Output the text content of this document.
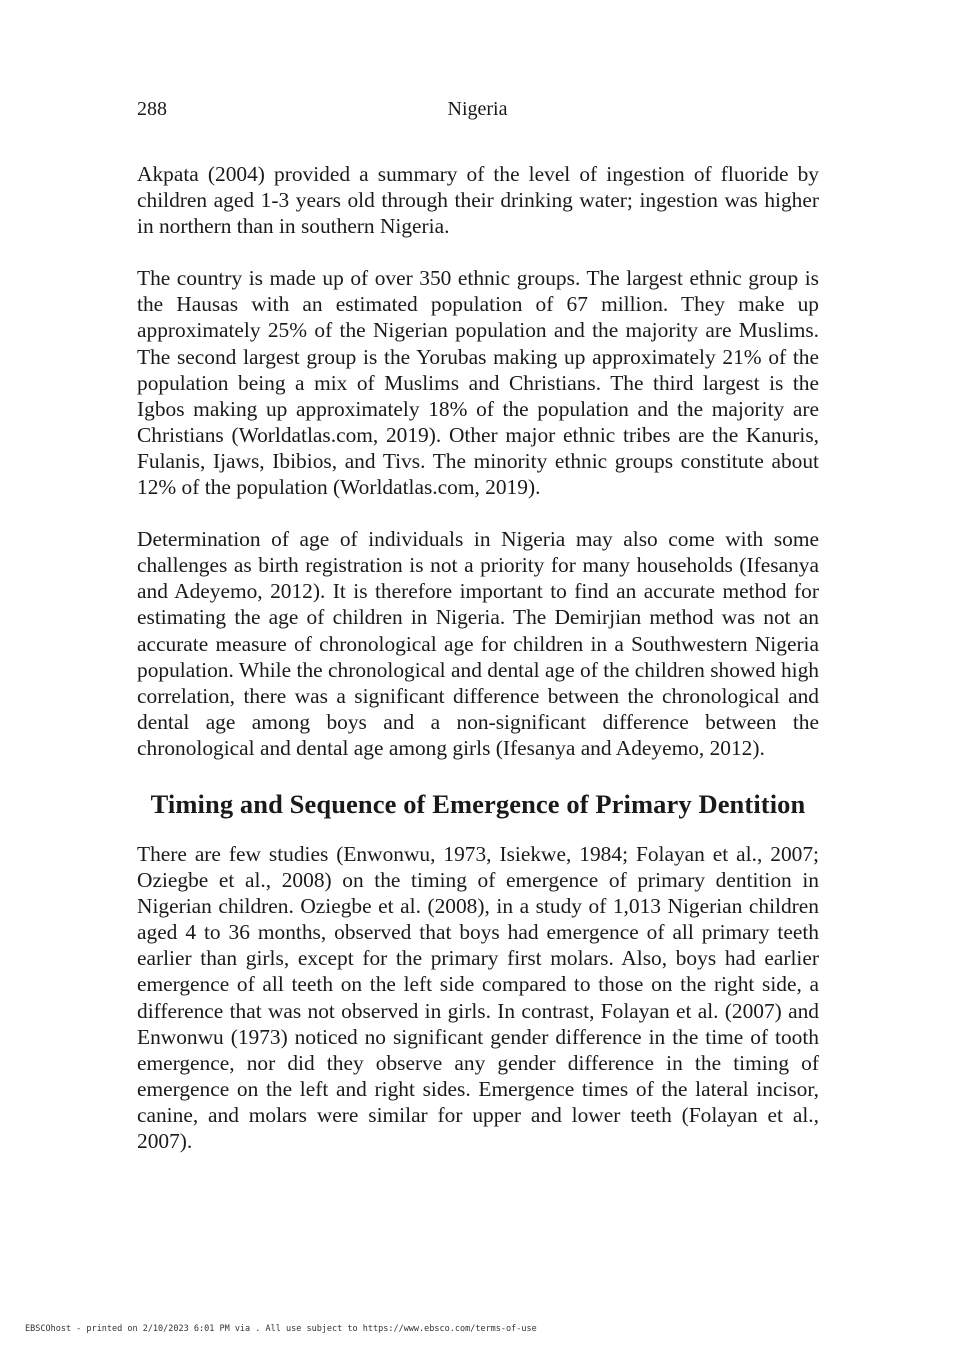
288	Nigeria

Akpata (2004) provided a summary of the level of ingestion of fluoride by children aged 1-3 years old through their drinking water; ingestion was higher in northern than in southern Nigeria.

The country is made up of over 350 ethnic groups. The largest ethnic group is the Hausas with an estimated population of 67 million. They make up approximately 25% of the Nigerian population and the majority are Muslims. The second largest group is the Yorubas making up approximately 21% of the population being a mix of Muslims and Christians. The third largest is the Igbos making up approximately 18% of the population and the majority are Christians (Worldatlas.com, 2019). Other major ethnic tribes are the Kanuris, Fulanis, Ijaws, Ibibios, and Tivs. The minority ethnic groups constitute about 12% of the population (Worldatlas.com, 2019).

Determination of age of individuals in Nigeria may also come with some challenges as birth registration is not a priority for many households (Ifesanya and Adeyemo, 2012). It is therefore important to find an accurate method for estimating the age of children in Nigeria. The Demirjian method was not an accurate measure of chronological age for children in a Southwestern Nigeria population. While the chronological and dental age of the children showed high correlation, there was a significant difference between the chronological and dental age among boys and a non-significant difference between the chronological and dental age among girls (Ifesanya and Adeyemo, 2012).

Timing and Sequence of Emergence of Primary Dentition

There are few studies (Enwonwu, 1973, Isiekwe, 1984; Folayan et al., 2007; Oziegbe et al., 2008) on the timing of emergence of primary dentition in Nigerian children. Oziegbe et al. (2008), in a study of 1,013 Nigerian children aged 4 to 36 months, observed that boys had emergence of all primary teeth earlier than girls, except for the primary first molars. Also, boys had earlier emergence of all teeth on the left side compared to those on the right side, a difference that was not observed in girls. In contrast, Folayan et al. (2007) and Enwonwu (1973) noticed no significant gender difference in the time of tooth emergence, nor did they observe any gender difference in the timing of emergence on the left and right sides. Emergence times of the lateral incisor, canine, and molars were similar for upper and lower teeth (Folayan et al., 2007).

EBSCOhost - printed on 2/10/2023 6:01 PM via . All use subject to https://www.ebsco.com/terms-of-use
